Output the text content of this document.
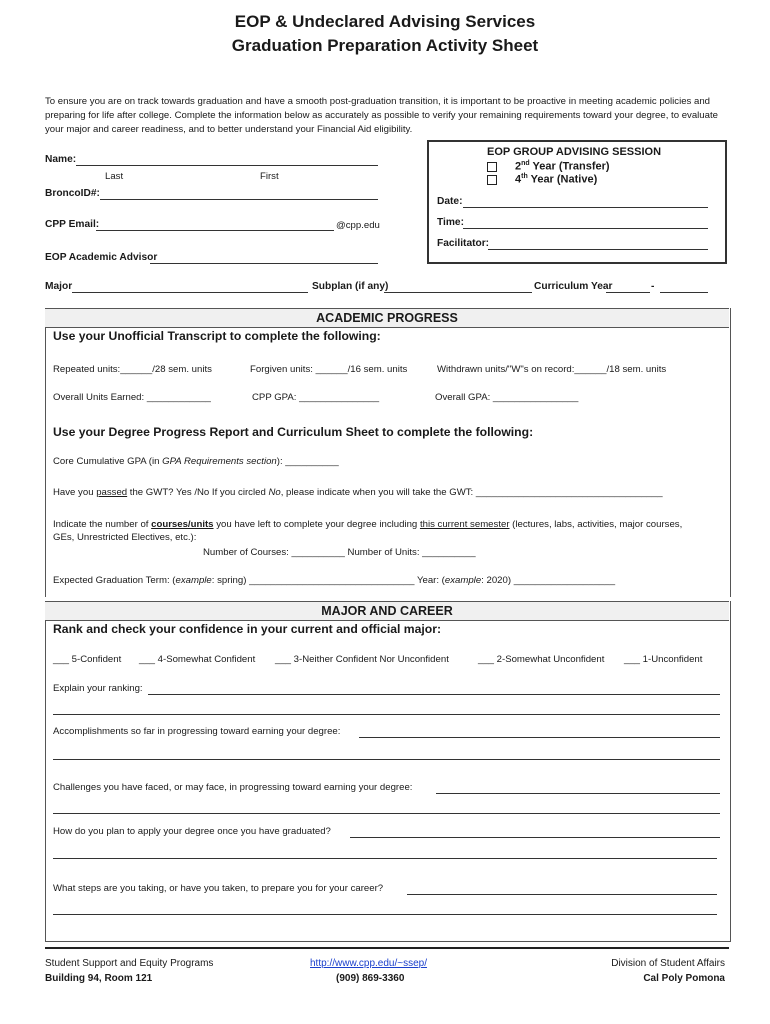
EOP & Undeclared Advising Services
Graduation Preparation Activity Sheet
To ensure you are on track towards graduation and have a smooth post-graduation transition, it is important to be proactive in meeting academic policies and preparing for life after college. Complete the information below as accurately as possible to verify your remaining requirements toward your degree, to evaluate your major and career readiness, and to better understand your Financial Aid eligibility.
Name:
Last	First
BroncoID#:
CPP Email:	@cpp.edu
EOP Academic Advisor
EOP GROUP ADVISING SESSION
2nd Year (Transfer)
4th Year (Native)
Date:
Time:
Facilitator:
Major	Subplan (if any)	Curriculum Year	-
ACADEMIC PROGRESS
Use your Unofficial Transcript to complete the following:
Repeated units:______/28 sem. units	Forgiven units: ______/16 sem. units	Withdrawn units/"W"s on record:______/18 sem. units
Overall Units Earned: ____________	CPP GPA: _______________	Overall GPA: ________________
Use your Degree Progress Report and Curriculum Sheet to complete the following:
Core Cumulative GPA (in GPA Requirements section): __________
Have you passed the GWT? Yes /No If you circled No, please indicate when you will take the GWT: ___________________________________
Indicate the number of courses/units you have left to complete your degree including this current semester (lectures, labs, activities, major courses,
GEs, Unrestricted Electives, etc.):
Number of Courses: __________ Number of Units: __________
Expected Graduation Term: (example: spring) _______________________________ Year: (example: 2020) ___________________
MAJOR AND CAREER
Rank and check your confidence in your current and official major:
___ 5-Confident ___ 4-Somewhat Confident ___ 3-Neither Confident Nor Unconfident	___ 2-Somewhat Unconfident ___ 1-Unconfident
Explain your ranking:
Accomplishments so far in progressing toward earning your degree:
Challenges you have faced, or may face, in progressing toward earning your degree:
How do you plan to apply your degree once you have graduated?
What steps are you taking, or have you taken, to prepare you for your career?
Student Support and Equity Programs
Building 94, Room 121
http://www.cpp.edu/~ssep/
(909) 869-3360
Division of Student Affairs
Cal Poly Pomona
